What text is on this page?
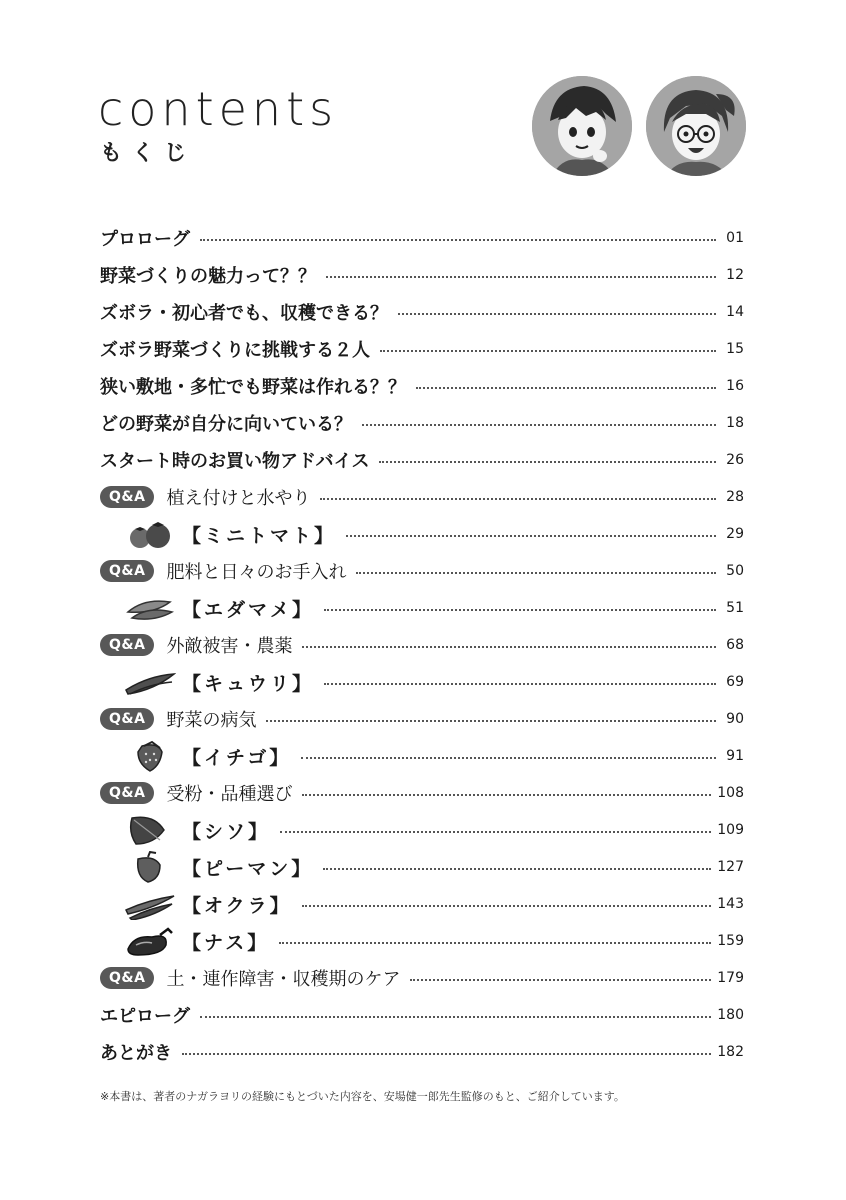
contents
もくじ
プロローグ	01
野菜づくりの魅力って？？	12
ズボラ・初心者でも、収穫できる？	14
ズボラ野菜づくりに挑戦する２人	15
狭い敷地・多忙でも野菜は作れる？？	16
どの野菜が自分に向いている？	18
スタート時のお買い物アドバイス	26
Q&A	植え付けと水やり	28
【ミニトマト】	29
Q&A	肥料と日々のお手入れ	50
【エダマメ】	51
Q&A	外敵被害・農薬	68
【キュウリ】	69
Q&A	野菜の病気	90
【イチゴ】	91
Q&A	受粉・品種選び	108
【シソ】	109
【ピーマン】	127
【オクラ】	143
【ナス】	159
Q&A	土・連作障害・収穫期のケア	179
エピローグ	180
あとがき	182
※本書は、著者のナガラヨリの経験にもとづいた内容を、安場健一郎先生監修のもと、ご紹介しています。
